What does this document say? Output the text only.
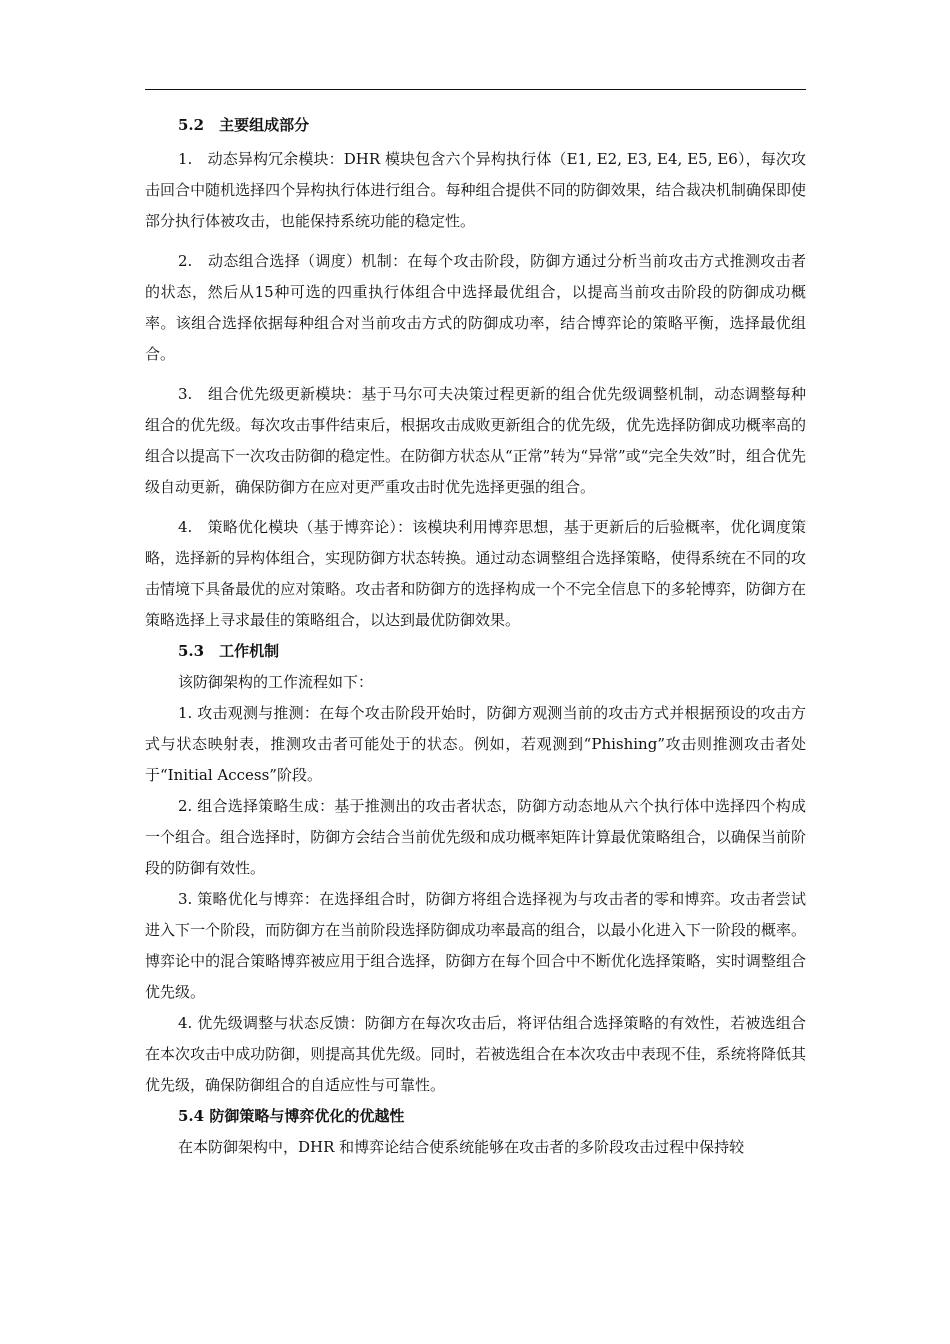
5.2　主要组成部分

1.　动态异构冗余模块：DHR 模块包含六个异构执行体（E1, E2, E3, E4, E5, E6），每次攻击回合中随机选择四个异构执行体进行组合。每种组合提供不同的防御效果，结合裁决机制确保即使部分执行体被攻击，也能保持系统功能的稳定性。

2.　动态组合选择（调度）机制：在每个攻击阶段，防御方通过分析当前攻击方式推测攻击者的状态，然后从15种可选的四重执行体组合中选择最优组合，以提高当前攻击阶段的防御成功概率。该组合选择依据每种组合对当前攻击方式的防御成功率，结合博弈论的策略平衡，选择最优组合。

3.　组合优先级更新模块：基于马尔可夫决策过程更新的组合优先级调整机制，动态调整每种组合的优先级。每次攻击事件结束后，根据攻击成败更新组合的优先级，优先选择防御成功概率高的组合以提高下一次攻击防御的稳定性。在防御方状态从“正常”转为“异常”或“完全失效”时，组合优先级自动更新，确保防御方在应对更严重攻击时优先选择更强的组合。

4.　策略优化模块（基于博弈论）：该模块利用博弈思想，基于更新后的后验概率，优化调度策略，选择新的异构体组合，实现防御方状态转换。通过动态调整组合选择策略，使得系统在不同的攻击情境下具备最优的应对策略。攻击者和防御方的选择构成一个不完全信息下的多轮博弈，防御方在策略选择上寻求最佳的策略组合，以达到最优防御效果。

5.3　工作机制

该防御架构的工作流程如下：

1. 攻击观测与推测：在每个攻击阶段开始时，防御方观测当前的攻击方式并根据预设的攻击方式与状态映射表，推测攻击者可能处于的状态。例如，若观测到“Phishing”攻击则推测攻击者处于“Initial Access”阶段。

2. 组合选择策略生成：基于推测出的攻击者状态，防御方动态地从六个执行体中选择四个构成一个组合。组合选择时，防御方会结合当前优先级和成功概率矩阵计算最优策略组合，以确保当前阶段的防御有效性。

3. 策略优化与博弈：在选择组合时，防御方将组合选择视为与攻击者的零和博弈。攻击者尝试进入下一个阶段，而防御方在当前阶段选择防御成功率最高的组合，以最小化进入下一阶段的概率。博弈论中的混合策略博弈被应用于组合选择，防御方在每个回合中不断优化选择策略，实时调整组合优先级。

4. 优先级调整与状态反馈：防御方在每次攻击后，将评估组合选择策略的有效性，若被选组合在本次攻击中成功防御，则提高其优先级。同时，若被选组合在本次攻击中表现不佳，系统将降低其优先级，确保防御组合的自适应性与可靠性。

5.4 防御策略与博弈优化的优越性

在本防御架构中，DHR 和博弈论结合使系统能够在攻击者的多阶段攻击过程中保持较
